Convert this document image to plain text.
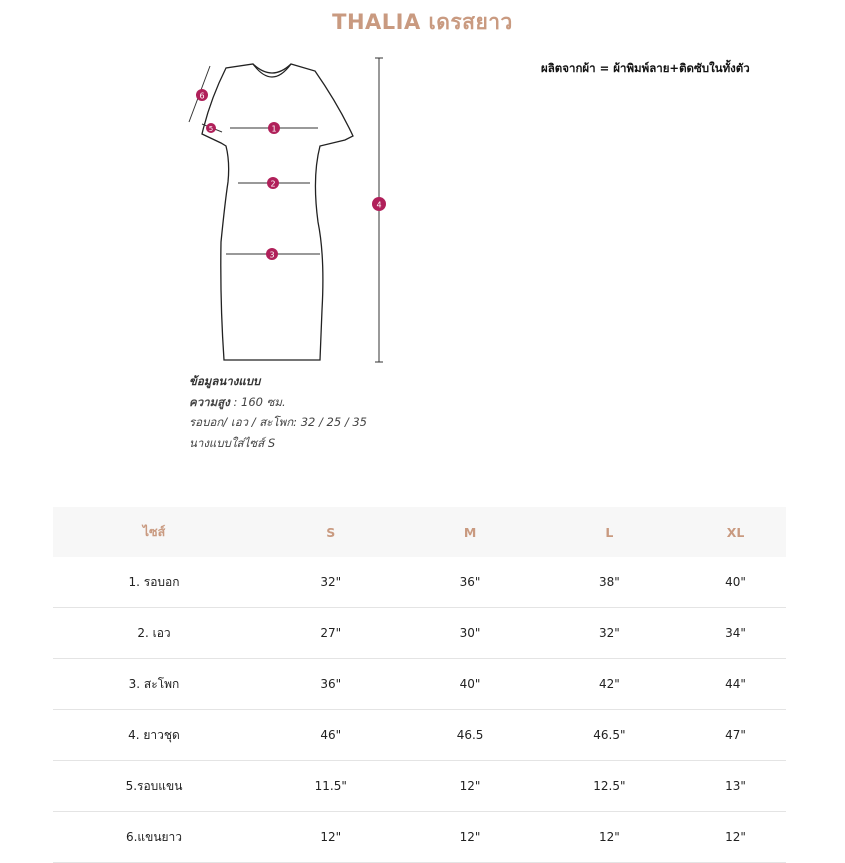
THALIA เดรสยาว
ผลิตจากผ้า = ผ้าพิมพ์ลาย+ติดซับในทั้งตัว
1
2
3
4
5
6
ข้อมูลนางแบบ
ความสูง : 160 ซม.
รอบอก/ เอว / สะโพก: 32 / 25 / 35
นางแบบใส่ไซส์ S
ไซส์	S	M	L	XL
1. รอบอก	32"	36"	38"	40"
2. เอว	27"	30"	32"	34"
3. สะโพก	36"	40"	42"	44"
4. ยาวชุด	46"	46.5	46.5"	47"
5.รอบแขน	11.5"	12"	12.5"	13"
6.แขนยาว	12"	12"	12"	12"
